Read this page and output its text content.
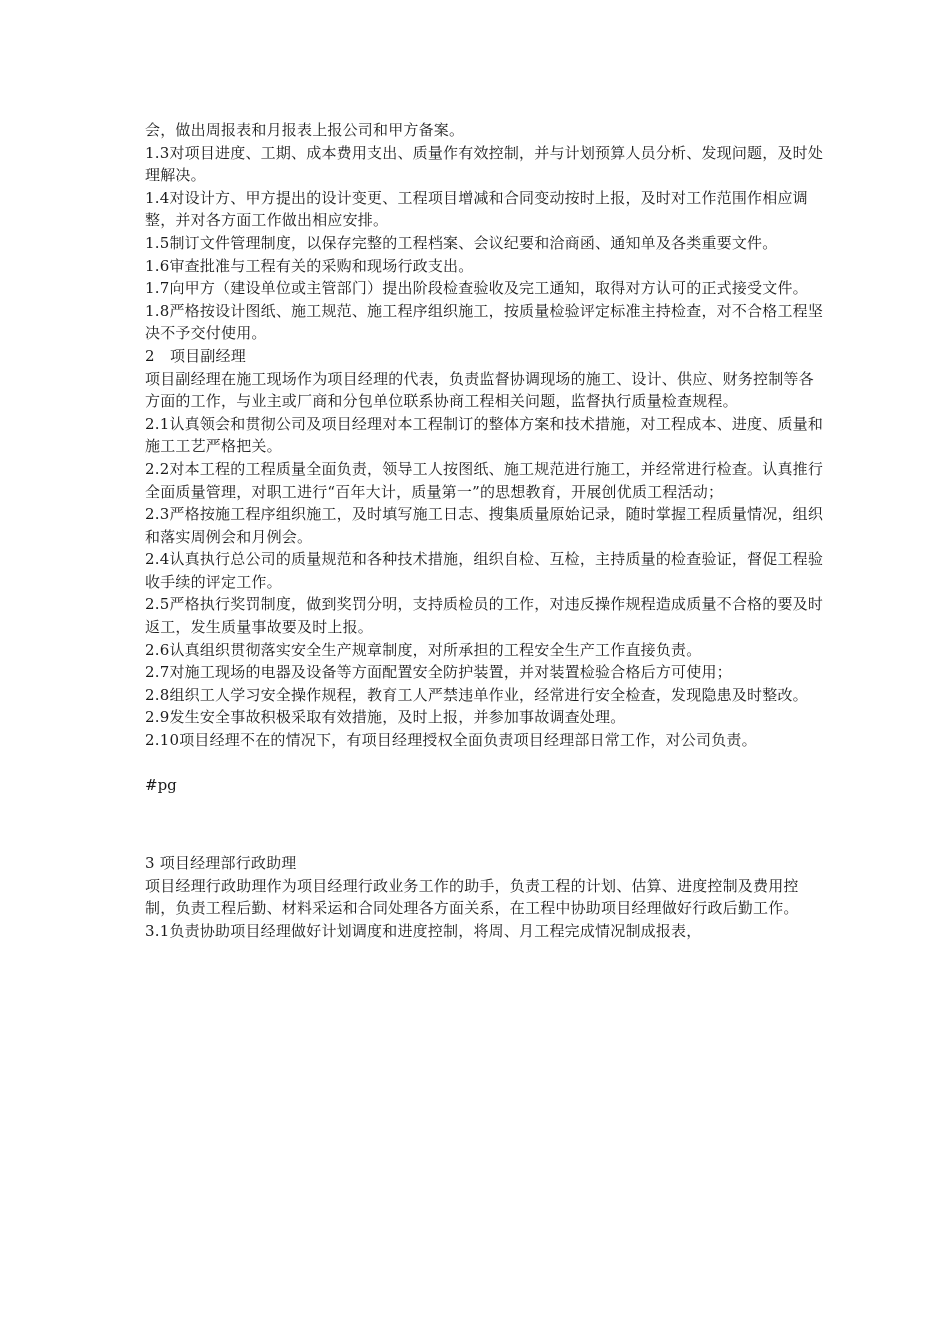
会，做出周报表和月报表上报公司和甲方备案。

1.3对项目进度、工期、成本费用支出、质量作有效控制，并与计划预算人员分析、发现问题，及时处理解决。

1.4对设计方、甲方提出的设计变更、工程项目增减和合同变动按时上报，及时对工作范围作相应调整，并对各方面工作做出相应安排。

1.5制订文件管理制度，以保存完整的工程档案、会议纪要和洽商函、通知单及各类重要文件。

1.6审查批准与工程有关的采购和现场行政支出。

1.7向甲方（建设单位或主管部门）提出阶段检查验收及完工通知，取得对方认可的正式接受文件。

1.8严格按设计图纸、施工规范、施工程序组织施工，按质量检验评定标准主持检查，对不合格工程坚决不予交付使用。

2　项目副经理

项目副经理在施工现场作为项目经理的代表，负责监督协调现场的施工、设计、供应、财务控制等各方面的工作，与业主或厂商和分包单位联系协商工程相关问题，监督执行质量检查规程。

2.1认真领会和贯彻公司及项目经理对本工程制订的整体方案和技术措施，对工程成本、进度、质量和施工工艺严格把关。

2.2对本工程的工程质量全面负责，领导工人按图纸、施工规范进行施工，并经常进行检查。认真推行全面质量管理，对职工进行“百年大计，质量第一”的思想教育，开展创优质工程活动；

2.3严格按施工程序组织施工，及时填写施工日志、搜集质量原始记录，随时掌握工程质量情况，组织和落实周例会和月例会。

2.4认真执行总公司的质量规范和各种技术措施，组织自检、互检，主持质量的检查验证，督促工程验收手续的评定工作。

2.5严格执行奖罚制度，做到奖罚分明，支持质检员的工作，对违反操作规程造成质量不合格的要及时返工，发生质量事故要及时上报。

2.6认真组织贯彻落实安全生产规章制度，对所承担的工程安全生产工作直接负责。

2.7对施工现场的电器及设备等方面配置安全防护装置，并对装置检验合格后方可使用；

2.8组织工人学习安全操作规程，教育工人严禁违单作业，经常进行安全检查，发现隐患及时整改。

2.9发生安全事故积极采取有效措施，及时上报，并参加事故调查处理。

2.10项目经理不在的情况下，有项目经理授权全面负责项目经理部日常工作，对公司负责。

#pg

3 项目经理部行政助理

项目经理行政助理作为项目经理行政业务工作的助手，负责工程的计划、估算、进度控制及费用控制，负责工程后勤、材料采运和合同处理各方面关系，在工程中协助项目经理做好行政后勤工作。

3.1负责协助项目经理做好计划调度和进度控制，将周、月工程完成情况制成报表，
